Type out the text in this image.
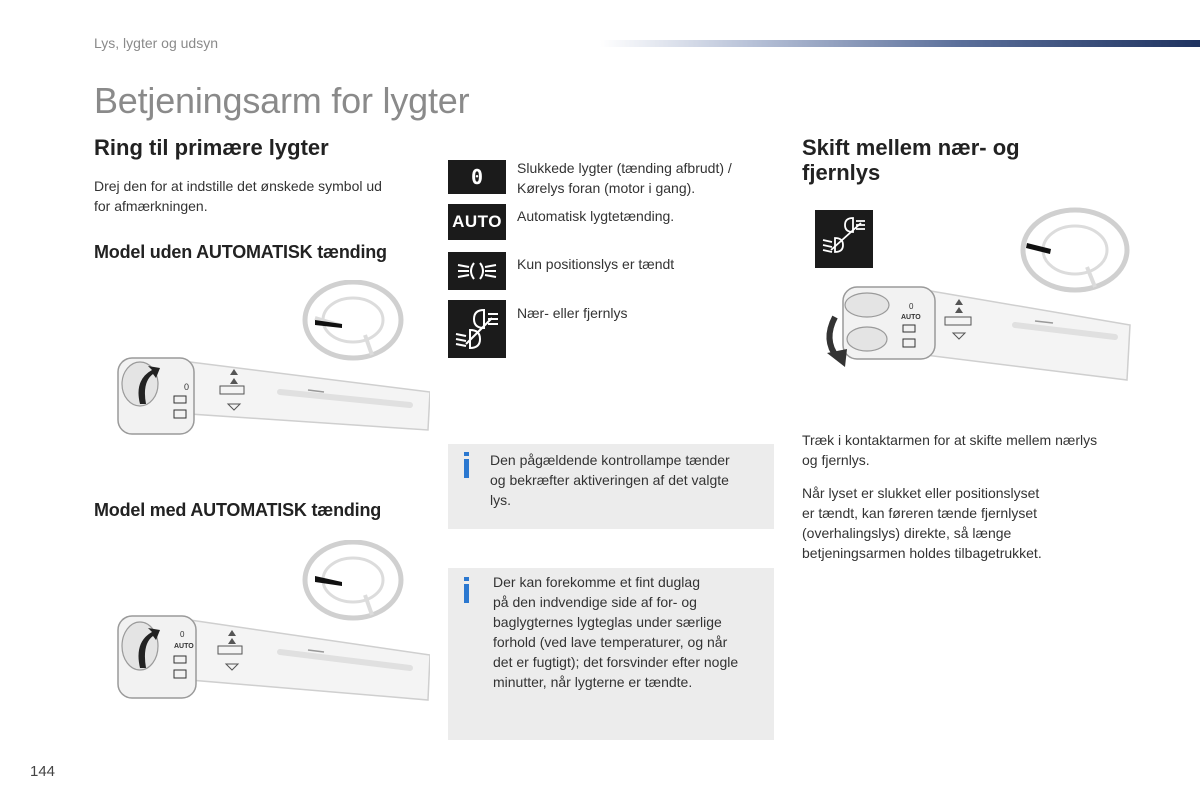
Lys, lygter og udsyn
Betjeningsarm for lygter
Ring til primære lygter
Drej den for at indstille det ønskede symbol ud
for afmærkningen.
Model uden AUTOMATISK tænding
0
Model med AUTOMATISK tænding
0
AUTO
0 Slukkede lygter (tænding afbrudt) /
Kørelys foran (motor i gang).
AUTO Automatisk lygtetænding.
Kun positionslys er tændt
Nær- eller fjernlys
Den pågældende kontrollampe tænder
og bekræfter aktiveringen af det valgte
lys.
Der kan forekomme et fint duglag
på den indvendige side af for- og
baglygternes lygteglas under særlige
forhold (ved lave temperaturer, og når
det er fugtigt); det forsvinder efter nogle
minutter, når lygterne er tændte.
Skift mellem nær- og
fjernlys
0
AUTO
Træk i kontaktarmen for at skifte mellem nærlys
og fjernlys.
Når lyset er slukket eller positionslyset
er tændt, kan føreren tænde fjernlyset
(overhalingslys) direkte, så længe
betjeningsarmen holdes tilbagetrukket.
144
